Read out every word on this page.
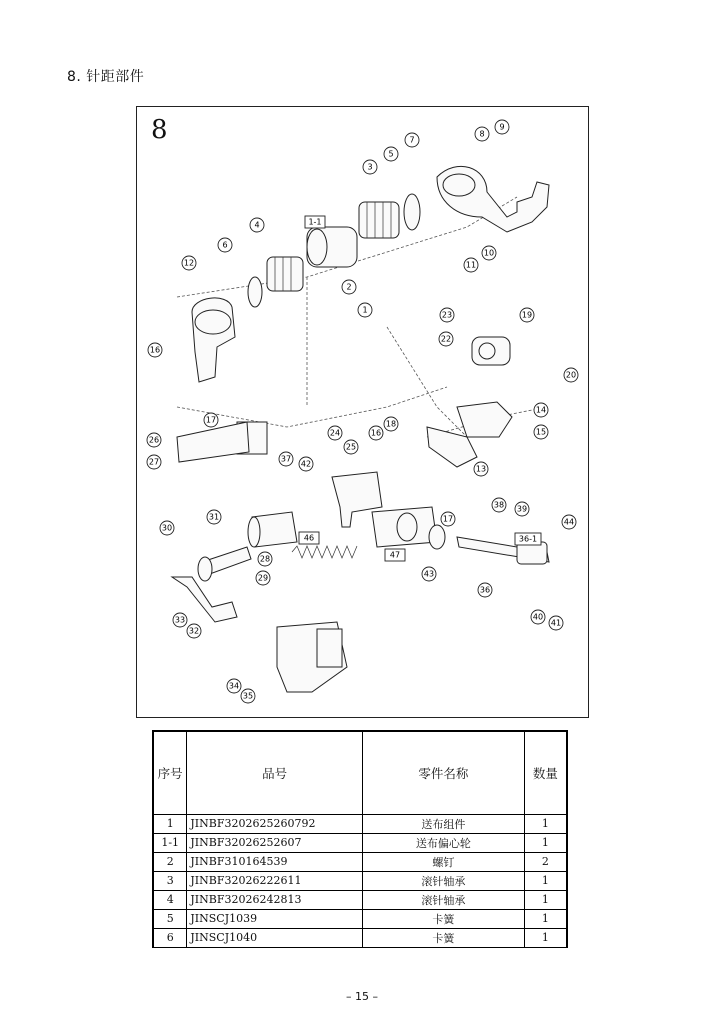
8. 针距部件
8
1
2
3
4
5
6
7
8
9
10
11
12
13
14
15
16
16
17
17
18
19
20
22
23
24
25
26
27
28
29
30
31
32
33
34
35
36
37
38 39
40
41
42
43
44
1-1
46
47
36-1
序号	品号	零件名称	数量
1	JINBF3202625260792	送布组件	1
1-1	JINBF32026252607	送布偏心轮	1
2	JINBF310164539	螺钉	2
3	JINBF32026222611	滚针轴承	1
4	JINBF32026242813	滚针轴承	1
5	JINSCJ1039	卡簧	1
6	JINSCJ1040	卡簧	1
– 15 –
